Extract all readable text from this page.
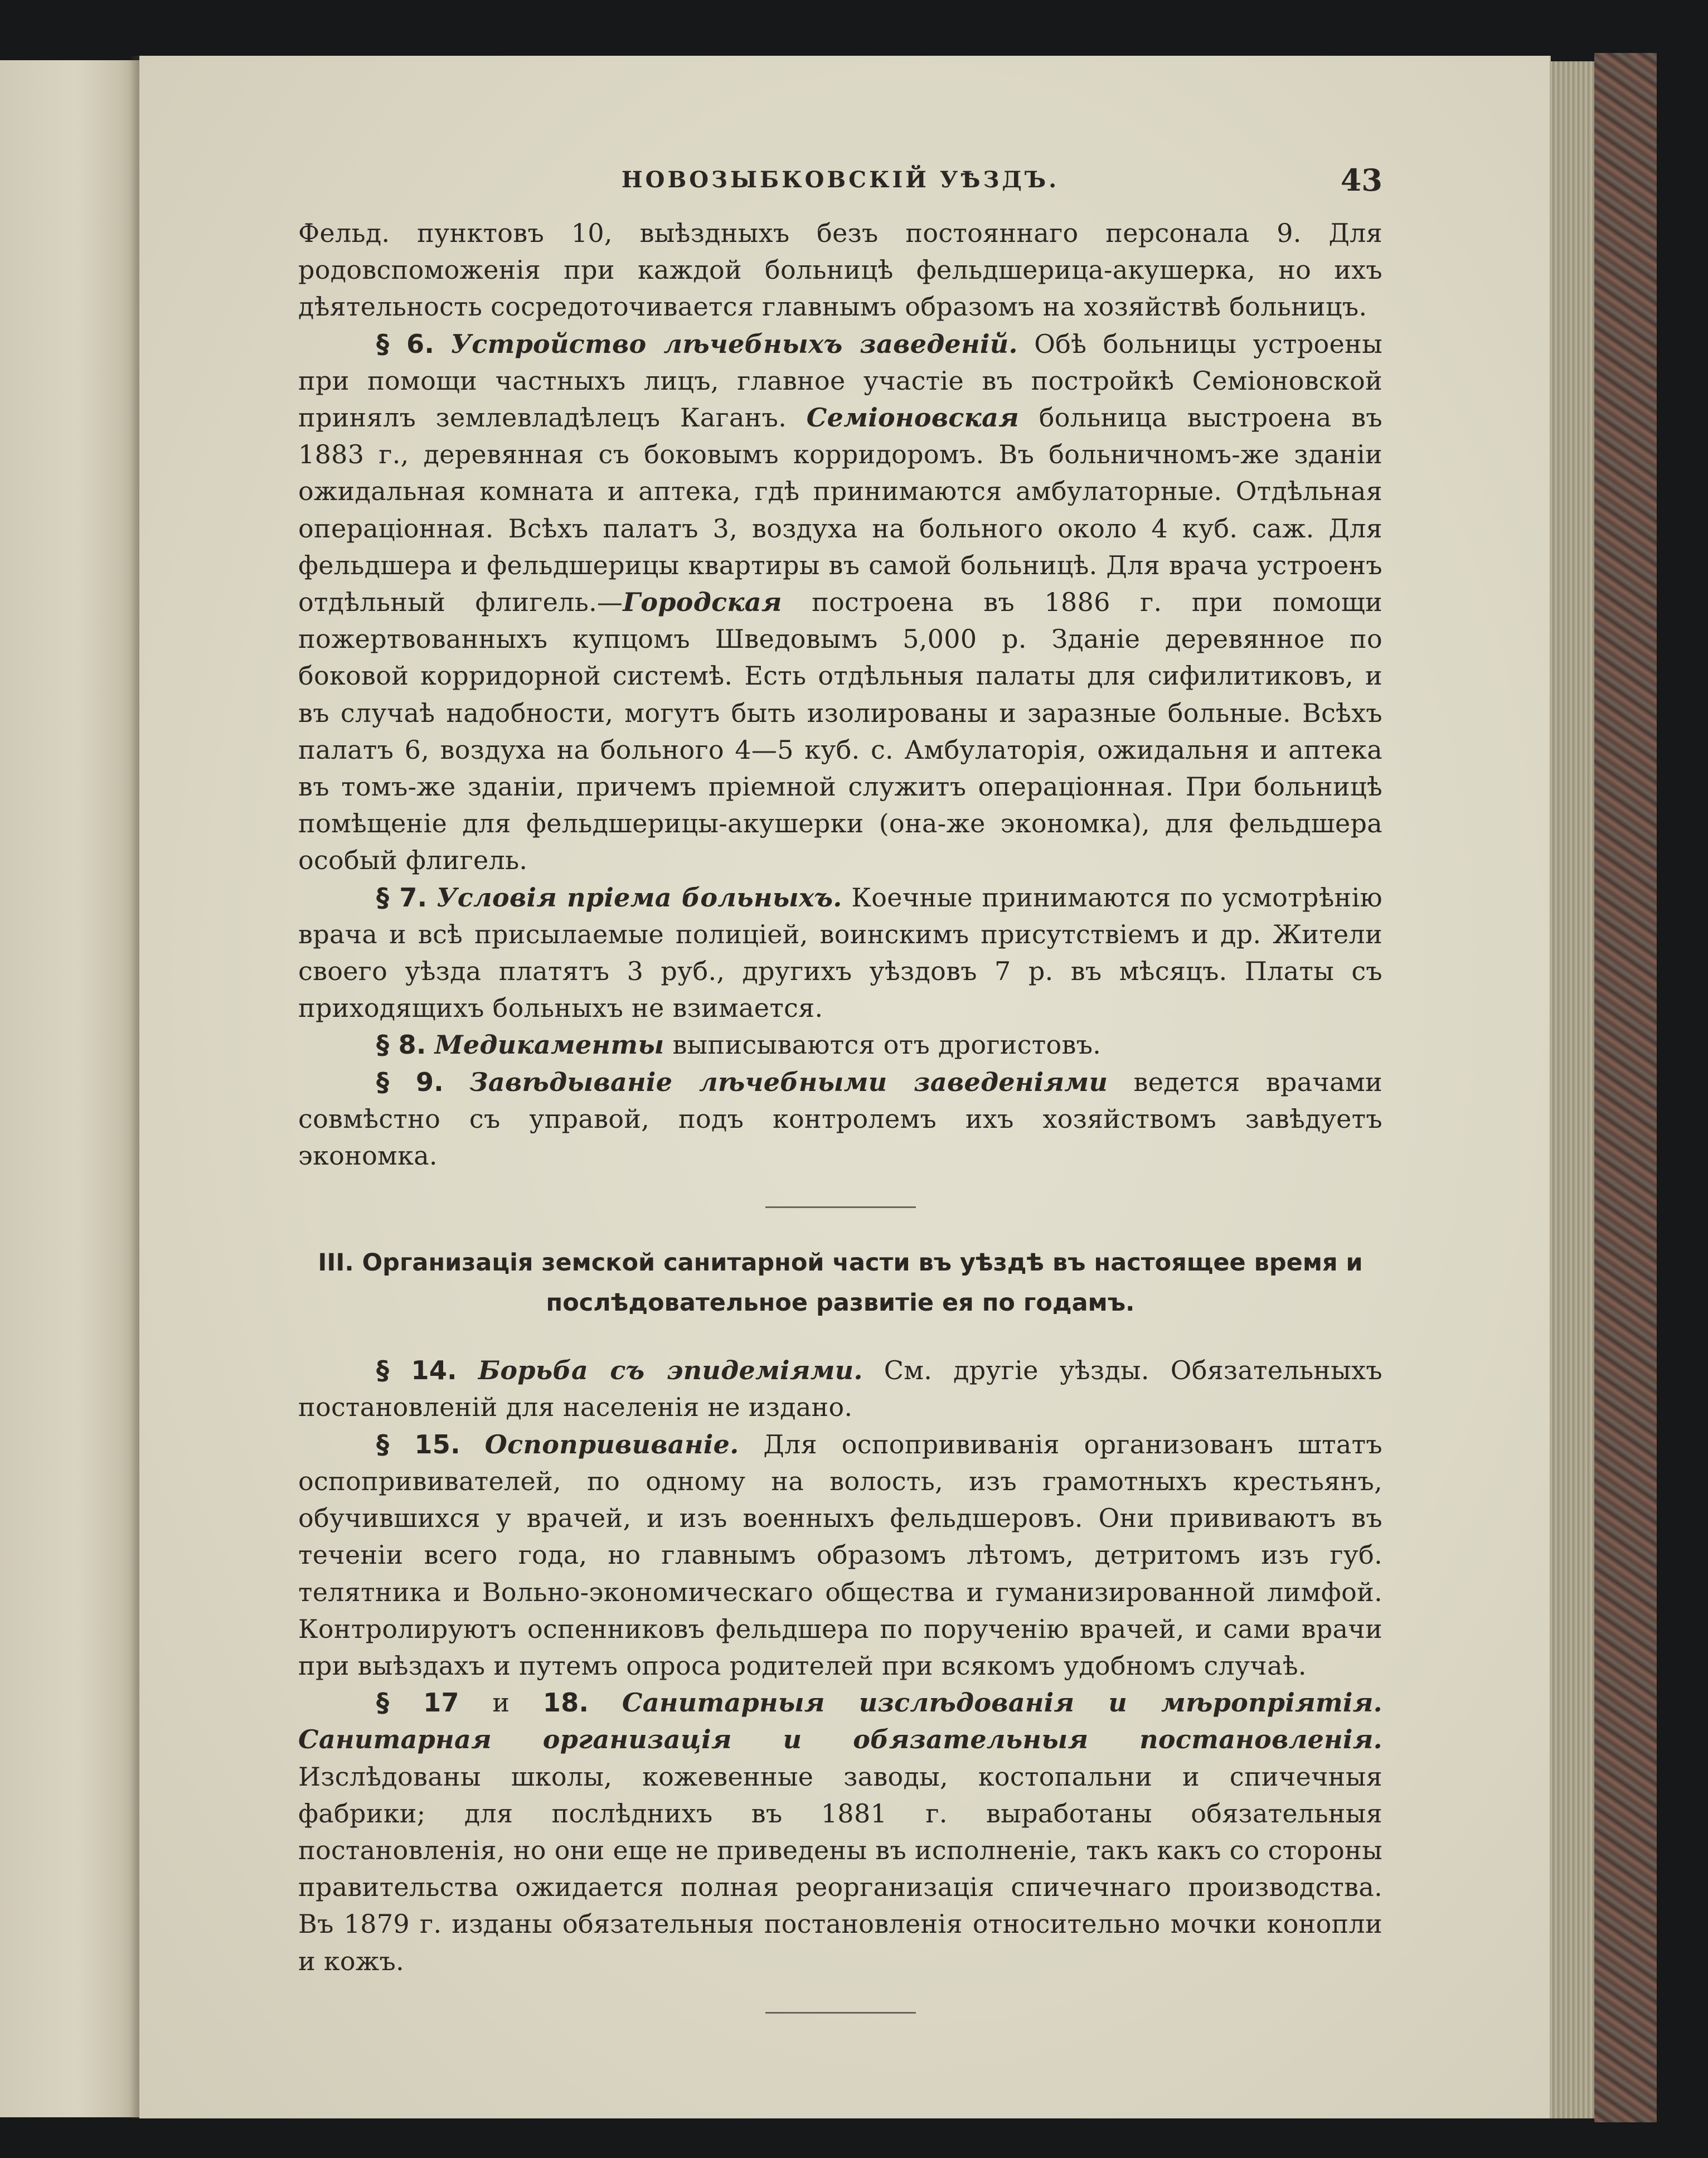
НОВОЗЫБКОВСКІЙ УѢЗДЪ.	43

Фельд. пунктовъ 10, выѣздныхъ безъ постояннаго персонала 9. Для родовспоможенія при каждой больницѣ фельдшерица-акушерка, но ихъ дѣятельность сосредоточивается главнымъ образомъ на хозяйствѣ больницъ.

§ 6. Устройство лѣчебныхъ заведеній. Обѣ больницы устроены при помощи частныхъ лицъ, главное участіе въ постройкѣ Семіоновской принялъ землевладѣлецъ Каганъ. Семіоновская больница выстроена въ 1883 г., деревянная съ боковымъ корридоромъ. Въ больничномъ-же зданіи ожидальная комната и аптека, гдѣ принимаются амбулаторные. Отдѣльная операціонная. Всѣхъ палатъ 3, воздуха на больного около 4 куб. саж. Для фельдшера и фельдшерицы квартиры въ самой больницѣ. Для врача устроенъ отдѣльный флигель.—Городская построена въ 1886 г. при помощи пожертвованныхъ купцомъ Шведовымъ 5,000 р. Зданіе деревянное по боковой корридорной системѣ. Есть отдѣльныя палаты для сифилитиковъ, и въ случаѣ надобности, могутъ быть изолированы и заразные больные. Всѣхъ палатъ 6, воздуха на больного 4—5 куб. с. Амбулаторія, ожидальня и аптека въ томъ-же зданіи, причемъ пріемной служитъ операціонная. При больницѣ помѣщеніе для фельдшерицы-акушерки (она-же экономка), для фельдшера особый флигель.

§ 7. Условія пріема больныхъ. Коечные принимаются по усмотрѣнію врача и всѣ присылаемые полиціей, воинскимъ присутствіемъ и др. Жители своего уѣзда платятъ 3 руб., другихъ уѣздовъ 7 р. въ мѣсяцъ. Платы съ приходящихъ больныхъ не взимается.

§ 8. Медикаменты выписываются отъ дрогистовъ.

§ 9. Завѣдываніе лѣчебными заведеніями ведется врачами совмѣстно съ управой, подъ контролемъ ихъ хозяйствомъ завѣдуетъ экономка.

III. Организація земской санитарной части въ уѣздѣ въ настоящее время и
послѣдовательное развитіе ея по годамъ.

§ 14. Борьба съ эпидеміями. См. другіе уѣзды. Обязательныхъ постановленій для населенія не издано.

§ 15. Оспопрививаніе. Для оспопрививанія организованъ штатъ оспопрививателей, по одному на волость, изъ грамотныхъ крестьянъ, обучившихся у врачей, и изъ военныхъ фельдшеровъ. Они прививаютъ въ теченіи всего года, но главнымъ образомъ лѣтомъ, детритомъ изъ губ. телятника и Вольно-экономическаго общества и гуманизированной лимфой. Контролируютъ оспенниковъ фельдшера по порученію врачей, и сами врачи при выѣздахъ и путемъ опроса родителей при всякомъ удобномъ случаѣ.

§ 17 и 18. Санитарныя изслѣдованія и мѣропріятія. Санитарная организація и обязательныя постановленія. Изслѣдованы школы, кожевенные заводы, костопальни и спичечныя фабрики; для послѣднихъ въ 1881 г. выработаны обязательныя постановленія, но они еще не приведены въ исполненіе, такъ какъ со стороны правительства ожидается полная реорганизація спичечнаго производства. Въ 1879 г. изданы обязательныя постановленія относительно мочки конопли и кожъ.
